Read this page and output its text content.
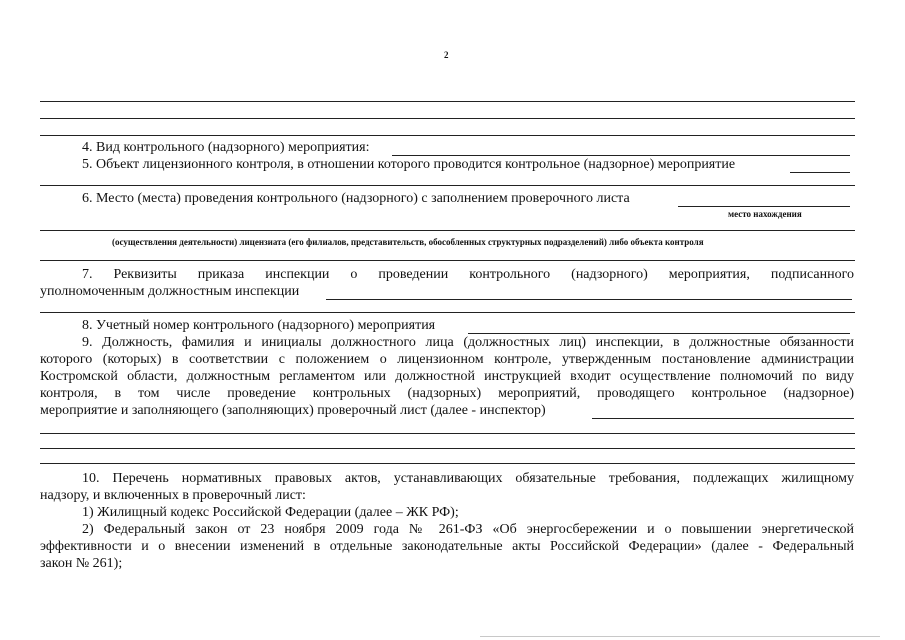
2
4. Вид контрольного (надзорного) мероприятия:
5. Объект лицензионного контроля, в отношении которого проводится контрольное (надзорное) мероприятие
6. Место (места) проведения контрольного (надзорного) с заполнением проверочного листа
место нахождения
(осуществления деятельности) лицензиата (его филиалов, представительств, обособленных структурных подразделений) либо объекта контроля
7. Реквизиты приказа инспекции о проведении контрольного (надзорного) мероприятия, подписанного
уполномоченным должностным инспекции
8. Учетный номер контрольного (надзорного) мероприятия
9. Должность, фамилия и инициалы должностного лица (должностных лиц) инспекции, в должностные обязанности
которого (которых) в соответствии с положением о лицензионном контроле, утвержденным постановление администрации
Костромской области, должностным регламентом или должностной инструкцией входит осуществление полномочий по виду
контроля, в том числе проведение контрольных (надзорных) мероприятий, проводящего контрольное (надзорное)
мероприятие и заполняющего (заполняющих) проверочный лист (далее - инспектор)
10. Перечень нормативных правовых актов, устанавливающих обязательные требования, подлежащих жилищному
надзору, и включенных в проверочный лист:
1) Жилищный кодекс Российской Федерации (далее – ЖК РФ);
2) Федеральный закон от 23 ноября 2009 года № 261-ФЗ «Об энергосбережении и о повышении энергетической
эффективности и о внесении изменений в отдельные законодательные акты Российской Федерации» (далее - Федеральный
закон № 261);
